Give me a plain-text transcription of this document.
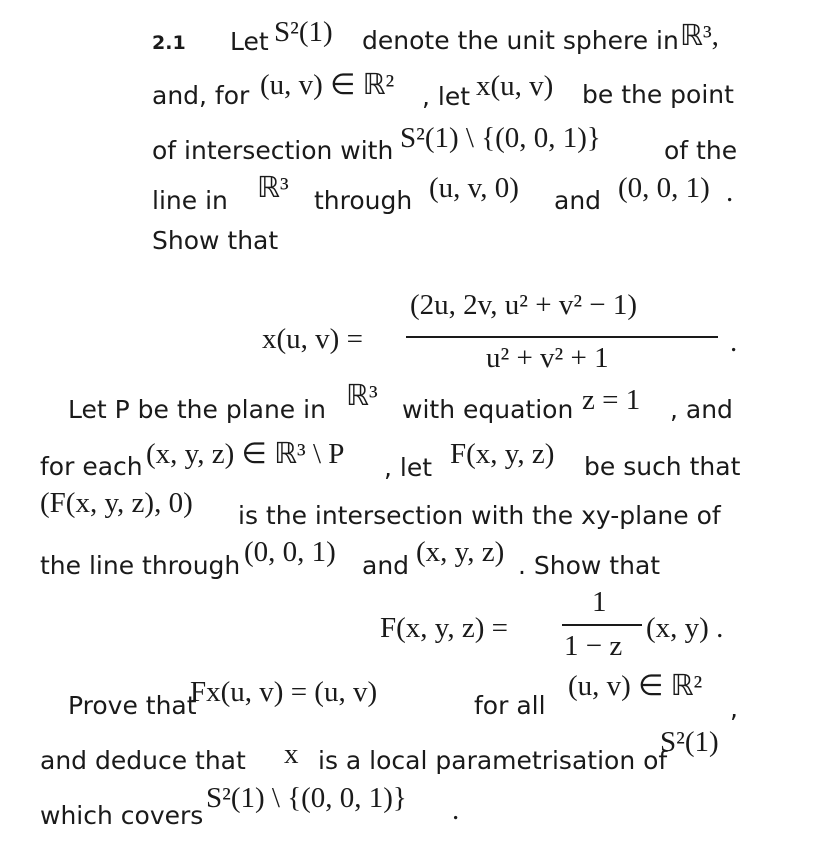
2.1 Let S²(1) denote the unit sphere in ℝ³,
and, for (u, v) ∈ ℝ² , let x(u, v) be the point
of intersection with S²(1) \ {(0, 0, 1)}	of the
line in ℝ³ through (u, v, 0) and (0, 0, 1) .
Show that
x(u, v) =
(2u, 2v, u² + v² − 1)
u² + v² + 1	.
Let P be the plane in ℝ³ with equation z = 1 , and
for each (x, y, z) ∈ ℝ³ \ P , let F(x, y, z) be such that
(F(x, y, z), 0) is the intersection with the xy-plane of
the line through (0, 0, 1) and (x, y, z) . Show that
F(x, y, z) =
1
1 − z
(x, y) .
Prove that
Fx(u, v) = (u, v)	for all
(u, v) ∈ ℝ²
,
and deduce that x is a local parametrisation of
S²(1)
which covers
S²(1) \ {(0, 0, 1)} .
